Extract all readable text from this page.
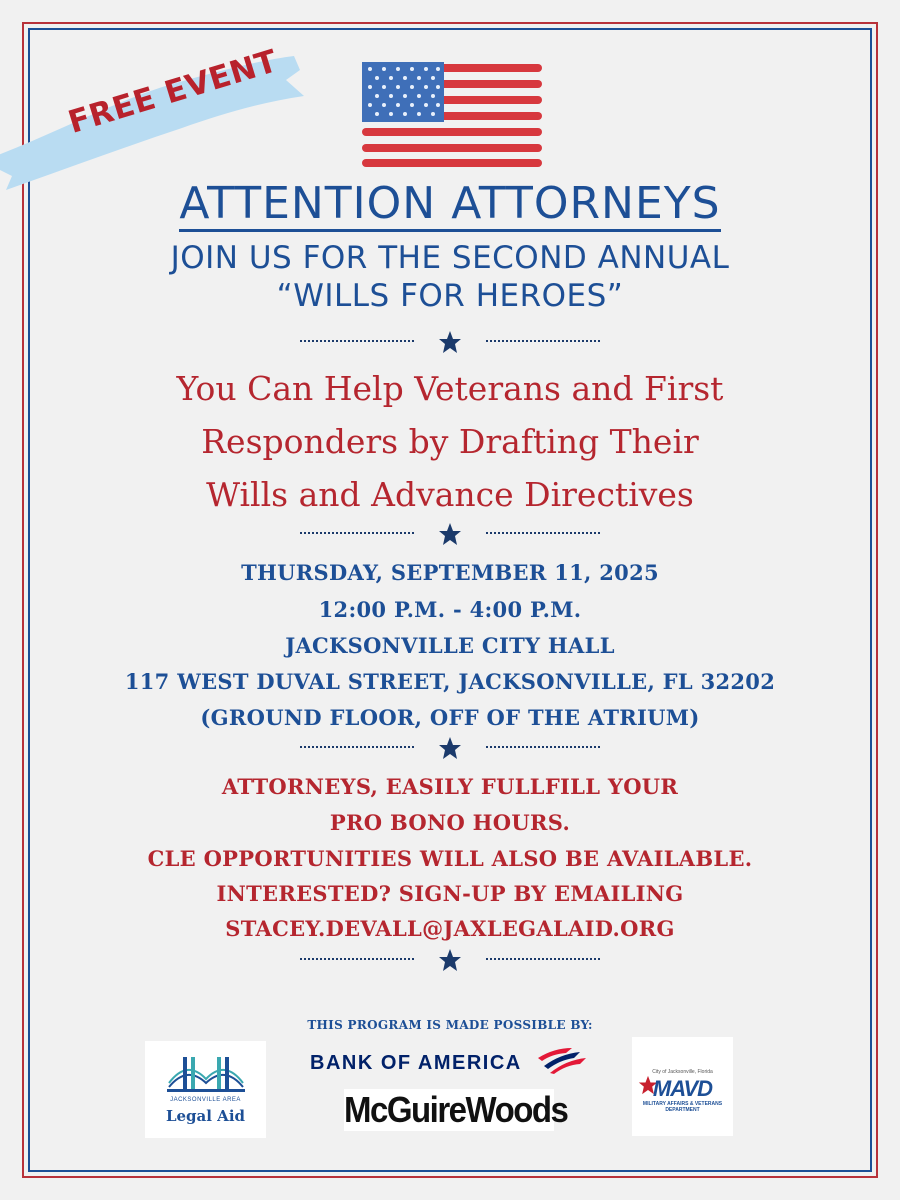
FREE EVENT
ATTENTION ATTORNEYS
JOIN US FOR THE SECOND ANNUAL
“WILLS FOR HEROES”
You Can Help Veterans and First
Responders by Drafting Their
Wills and Advance Directives
THURSDAY, SEPTEMBER 11, 2025
12:00 P.M. - 4:00 P.M.
JACKSONVILLE CITY HALL
117 WEST DUVAL STREET, JACKSONVILLE, FL 32202
(GROUND FLOOR, OFF OF THE ATRIUM)
ATTORNEYS, EASILY FULLFILL YOUR
PRO BONO HOURS.
CLE OPPORTUNITIES WILL ALSO BE AVAILABLE.
INTERESTED? SIGN-UP BY EMAILING
STACEY.DEVALL@JAXLEGALAID.ORG
THIS PROGRAM IS MADE POSSIBLE BY:
JACKSONVILLE AREA
Legal Aid
BANK OF AMERICA
McGuireWoods
City of Jacksonville, Florida
MAVD
MILITARY AFFAIRS & VETERANS DEPARTMENT
